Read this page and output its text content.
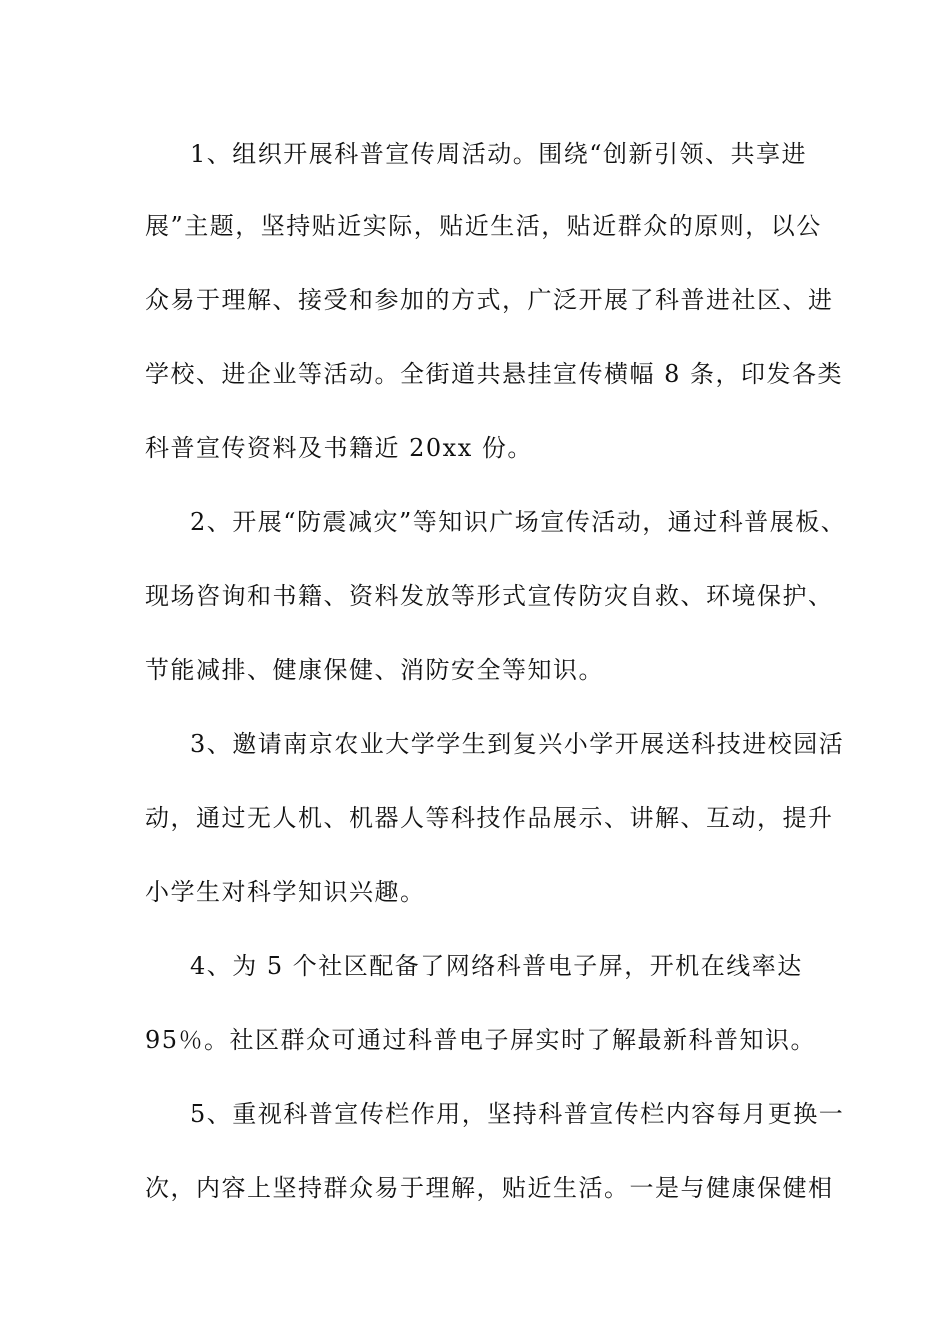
1、组织开展科普宣传周活动。围绕“创新引领、共享进
展”主题，坚持贴近实际，贴近生活，贴近群众的原则，以公
众易于理解、接受和参加的方式，广泛开展了科普进社区、进
学校、进企业等活动。全街道共悬挂宣传横幅 8 条，印发各类
科普宣传资料及书籍近 20xx 份。
2、开展“防震减灾”等知识广场宣传活动，通过科普展板、
现场咨询和书籍、资料发放等形式宣传防灾自救、环境保护、
节能减排、健康保健、消防安全等知识。
3、邀请南京农业大学学生到复兴小学开展送科技进校园活
动，通过无人机、机器人等科技作品展示、讲解、互动，提升
小学生对科学知识兴趣。
4、为 5 个社区配备了网络科普电子屏，开机在线率达
95％。社区群众可通过科普电子屏实时了解最新科普知识。
5、重视科普宣传栏作用，坚持科普宣传栏内容每月更换一
次，内容上坚持群众易于理解，贴近生活。一是与健康保健相
